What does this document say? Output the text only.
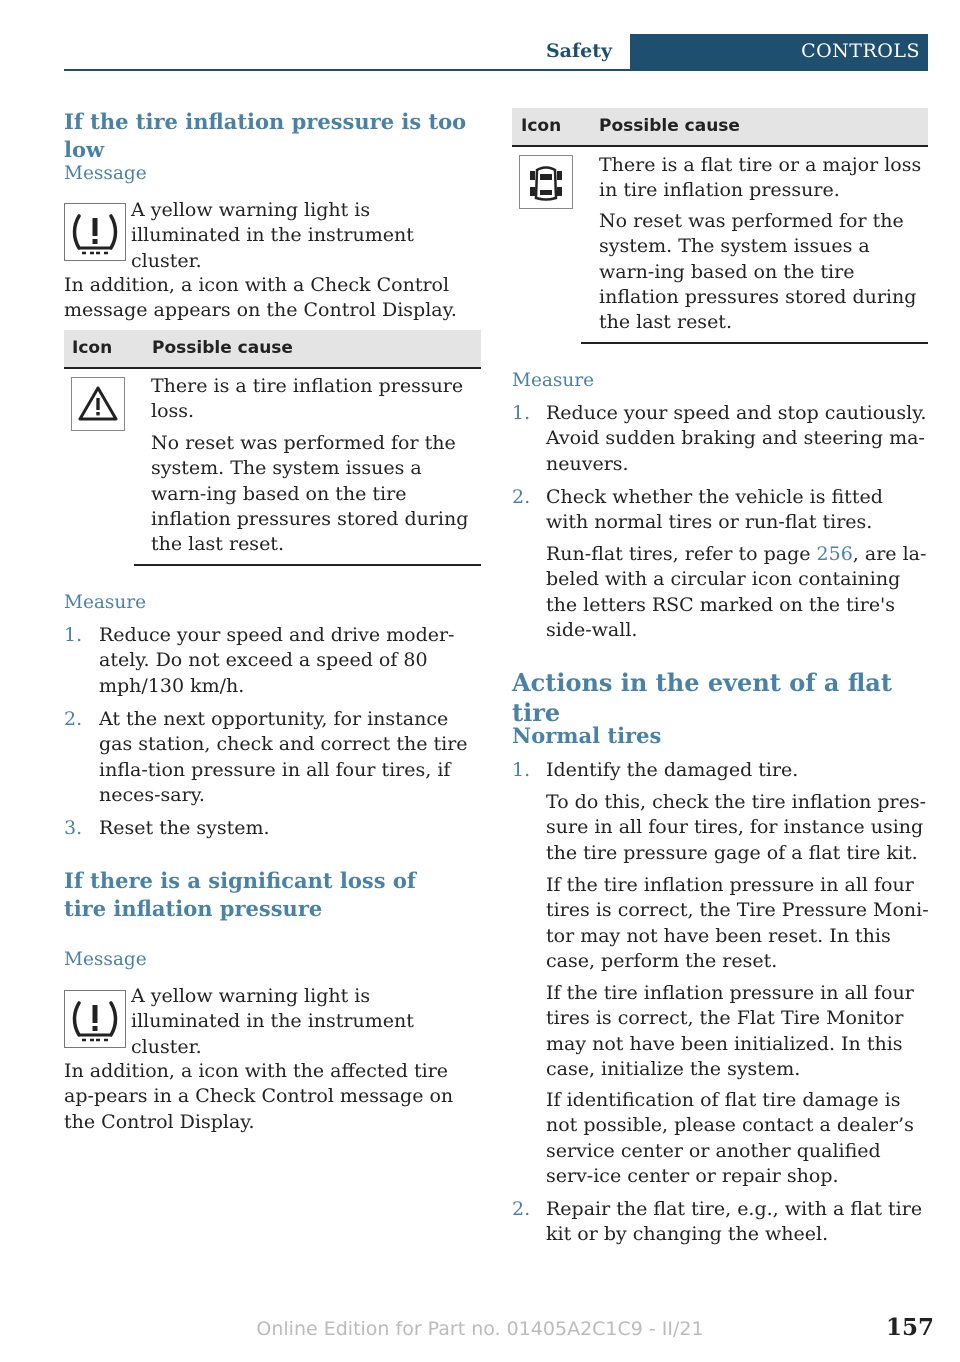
Safety	CONTROLS
If the tire inflation pressure is too low
Message
A yellow warning light is illuminated in the instrument cluster.
In addition, a icon with a Check Control message appears on the Control Display.
Icon Possible cause
There is a tire inflation pressure loss.
No reset was performed for the system. The system issues a warn-ing based on the tire inflation pressures stored during the last reset.
Measure
1. Reduce your speed and drive moder-ately. Do not exceed a speed of 80 mph/130 km/h.
2. At the next opportunity, for instance gas station, check and correct the tire infla-tion pressure in all four tires, if neces-sary.
3. Reset the system.
If there is a significant loss of tire inflation pressure
Message
A yellow warning light is illuminated in the instrument cluster.
In addition, a icon with the affected tire ap-pears in a Check Control message on the Control Display.
Icon Possible cause
There is a flat tire or a major loss in tire inflation pressure.
No reset was performed for the system. The system issues a warn-ing based on the tire inflation pressures stored during the last reset.
Measure
1. Reduce your speed and stop cautiously. Avoid sudden braking and steering ma-neuvers.
2. Check whether the vehicle is fitted with normal tires or run-flat tires.
Run-flat tires, refer to page 256, are la-beled with a circular icon containing the letters RSC marked on the tire's side-wall.
Actions in the event of a flat tire
Normal tires
1. Identify the damaged tire.
To do this, check the tire inflation pres-sure in all four tires, for instance using the tire pressure gage of a flat tire kit.
If the tire inflation pressure in all four tires is correct, the Tire Pressure Moni-tor may not have been reset. In this case, perform the reset.
If the tire inflation pressure in all four tires is correct, the Flat Tire Monitor may not have been initialized. In this case, initialize the system.
If identification of flat tire damage is not possible, please contact a dealer’s service center or another qualified serv-ice center or repair shop.
2. Repair the flat tire, e.g., with a flat tire kit or by changing the wheel.
Online Edition for Part no. 01405A2C1C9 - II/21	157
